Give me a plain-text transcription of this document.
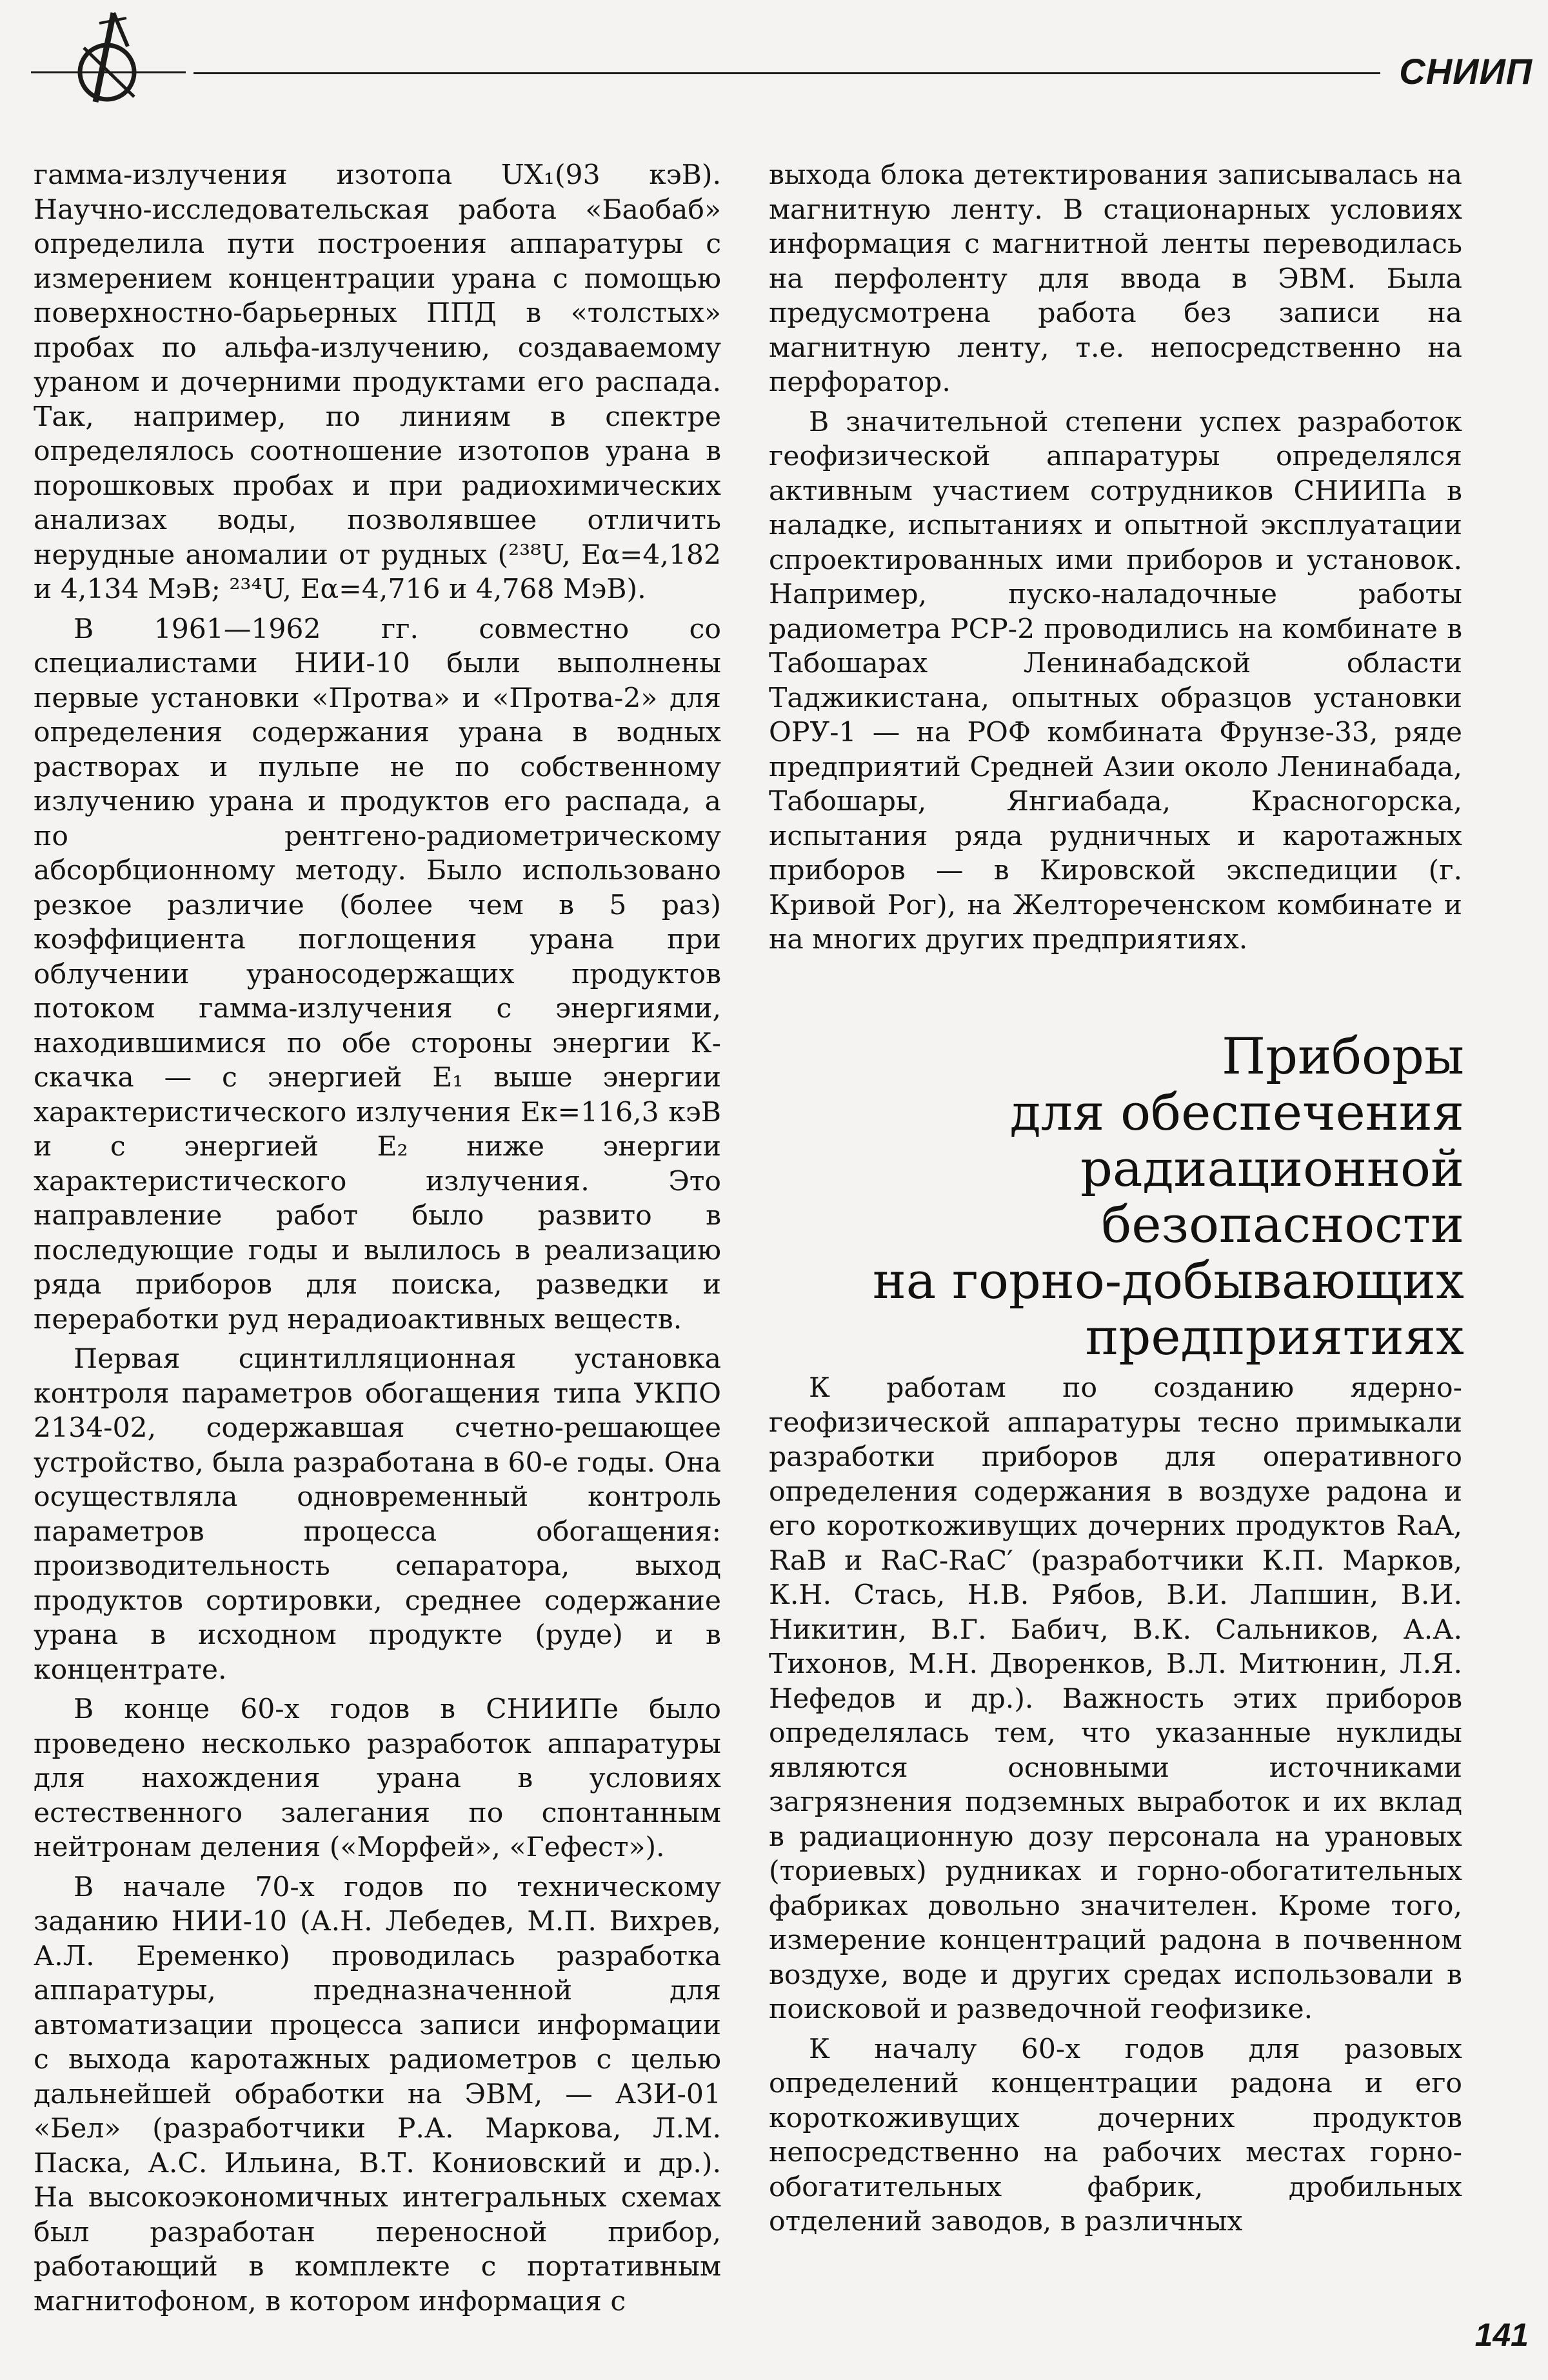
СНИИП

гамма-излучения изотопа UX₁(93 кэВ). Научно-исследовательская работа «Баобаб» определила пути построения аппаратуры с измерением концентрации урана с помощью поверхностно-барьерных ППД в «толстых» пробах по альфа-излучению, создаваемому ураном и дочерними продуктами его распада. Так, например, по линиям в спектре определялось соотношение изотопов урана в порошковых пробах и при радиохимических анализах воды, позволявшее отличить нерудные аномалии от рудных (²³⁸U, Eα=4,182 и 4,134 МэВ; ²³⁴U, Eα=4,716 и 4,768 МэВ).

В 1961—1962 гг. совместно со специалистами НИИ-10 были выполнены первые установки «Протва» и «Протва-2» для определения содержания урана в водных растворах и пульпе не по собственному излучению урана и продуктов его распада, а по рентгено-радиометрическому абсорбционному методу. Было использовано резкое различие (более чем в 5 раз) коэффициента поглощения урана при облучении ураносодержащих продуктов потоком гамма-излучения с энергиями, находившимися по обе стороны энергии К-скачка — с энергией E₁ выше энергии характеристического излучения Eк=116,3 кэВ и с энергией E₂ ниже энергии характеристического излучения. Это направление работ было развито в последующие годы и вылилось в реализацию ряда приборов для поиска, разведки и переработки руд нерадиоактивных веществ.

Первая сцинтилляционная установка контроля параметров обогащения типа УКПО 2134-02, содержавшая счетно-решающее устройство, была разработана в 60-е годы. Она осуществляла одновременный контроль параметров процесса обогащения: производительность сепаратора, выход продуктов сортировки, среднее содержание урана в исходном продукте (руде) и в концентрате.

В конце 60-х годов в СНИИПе было проведено несколько разработок аппаратуры для нахождения урана в условиях естественного залегания по спонтанным нейтронам деления («Морфей», «Гефест»).

В начале 70-х годов по техническому заданию НИИ-10 (А.Н. Лебедев, М.П. Вихрев, А.Л. Еременко) проводилась разработка аппаратуры, предназначенной для автоматизации процесса записи информации с выхода каротажных радиометров с целью дальнейшей обработки на ЭВМ, — АЗИ-01 «Бел» (разработчики Р.А. Маркова, Л.М. Паска, А.С. Ильина, В.Т. Кониовский и др.). На высокоэкономичных интегральных схемах был разработан переносной прибор, работающий в комплекте с портативным магнитофоном, в котором информация с

выхода блока детектирования записывалась на магнитную ленту. В стационарных условиях информация с магнитной ленты переводилась на перфоленту для ввода в ЭВМ. Была предусмотрена работа без записи на магнитную ленту, т.е. непосредственно на перфоратор.

В значительной степени успех разработок геофизической аппаратуры определялся активным участием сотрудников СНИИПа в наладке, испытаниях и опытной эксплуатации спроектированных ими приборов и установок. Например, пуско-наладочные работы радиометра РСР-2 проводились на комбинате в Табошарах Ленинабадской области Таджикистана, опытных образцов установки ОРУ-1 — на РОФ комбината Фрунзе-33, ряде предприятий Средней Азии около Ленинабада, Табошары, Янгиабада, Красногорска, испытания ряда рудничных и каротажных приборов — в Кировской экспедиции (г. Кривой Рог), на Желтореченском комбинате и на многих других предприятиях.

Приборы
для обеспечения
радиационной
безопасности
на горно-добывающих
предприятиях

К работам по созданию ядерно-геофизической аппаратуры тесно примыкали разработки приборов для оперативного определения содержания в воздухе радона и его короткоживущих дочерних продуктов RaA, RaB и RaC-RaC′ (разработчики К.П. Марков, К.Н. Стась, Н.В. Рябов, В.И. Лапшин, В.И. Никитин, В.Г. Бабич, В.К. Сальников, А.А. Тихонов, М.Н. Дворенков, В.Л. Митюнин, Л.Я. Нефедов и др.). Важность этих приборов определялась тем, что указанные нуклиды являются основными источниками загрязнения подземных выработок и их вклад в радиационную дозу персонала на урановых (ториевых) рудниках и горно-обогатительных фабриках довольно значителен. Кроме того, измерение концентраций радона в почвенном воздухе, воде и других средах использовали в поисковой и разведочной геофизике.

К началу 60-х годов для разовых определений концентрации радона и его короткоживущих дочерних продуктов непосредственно на рабочих местах горно-обогатительных фабрик, дробильных отделений заводов, в различных

141
